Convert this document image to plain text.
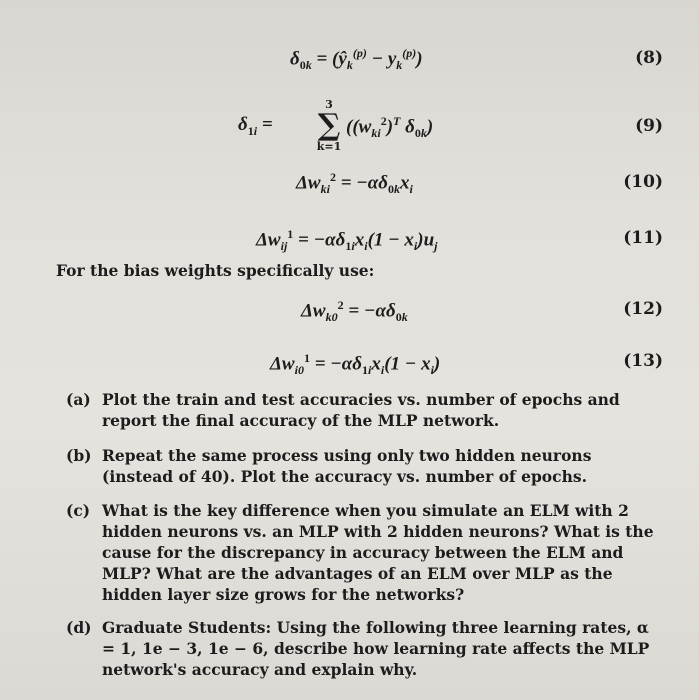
$\delta_{0k}$ = $(ŷ_k^{(p)} - y_k^{(p)})$	(8)
$\delta_{1i}$ =
3
∑
k=1
($(w_{ki}^2)^T$ $\delta_{0k}$)	(9)
$\Delta w_{ki}^2 = -\alpha\delta_{0k}x_i$	(10)
$\Delta w_{ij}^1 = -\alpha\delta_{1i}x_i(1 - x_i)u_j$	(11)
For the bias weights specifically use:
$\Delta w_{k0}^2 = -\alpha\delta_{0k}$	(12)
$\Delta w_{i0}^1 = -\alpha\delta_{1i}x_i(1 - x_i)$	(13)
(a) Plot the train and test accuracies vs. number of epochs and report the final accuracy of the MLP network.
(b) Repeat the same process using only two hidden neurons (instead of 40). Plot the accuracy vs. number of epochs.
(c) What is the key difference when you simulate an ELM with 2 hidden neurons vs. an MLP with 2 hidden neurons? What is the cause for the discrepancy in accuracy between the ELM and MLP? What are the advantages of an ELM over MLP as the hidden layer size grows for the networks?
(d) Graduate Students: Using the following three learning rates, α = 1, 1e − 3, 1e − 6, describe how learning rate affects the MLP network's accuracy and explain why.
